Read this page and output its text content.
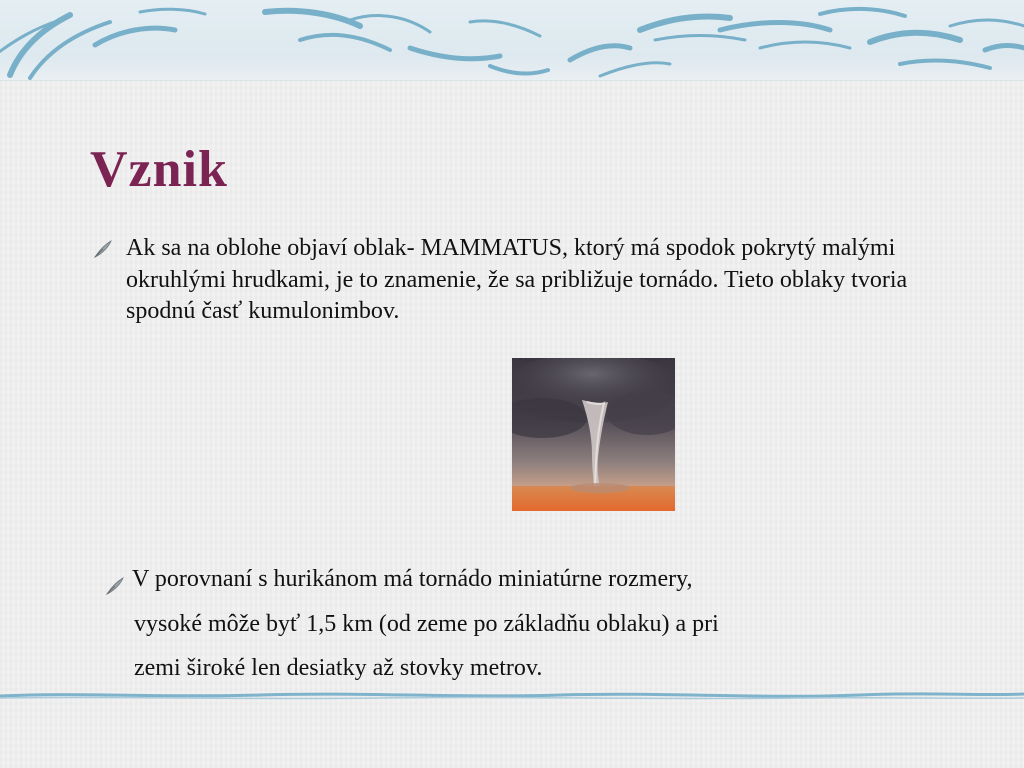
Vznik
Ak sa na oblohe objaví oblak- MAMMATUS, ktorý má spodok pokrytý malými okruhlými hrudkami, je to znamenie, že sa približuje tornádo. Tieto oblaky tvoria spodnú časť kumulonimbov.
V porovnaní s hurikánom má tornádo miniatúrne rozmery,
vysoké môže byť 1,5 km (od zeme po základňu oblaku) a pri
zemi široké len desiatky až stovky metrov.
